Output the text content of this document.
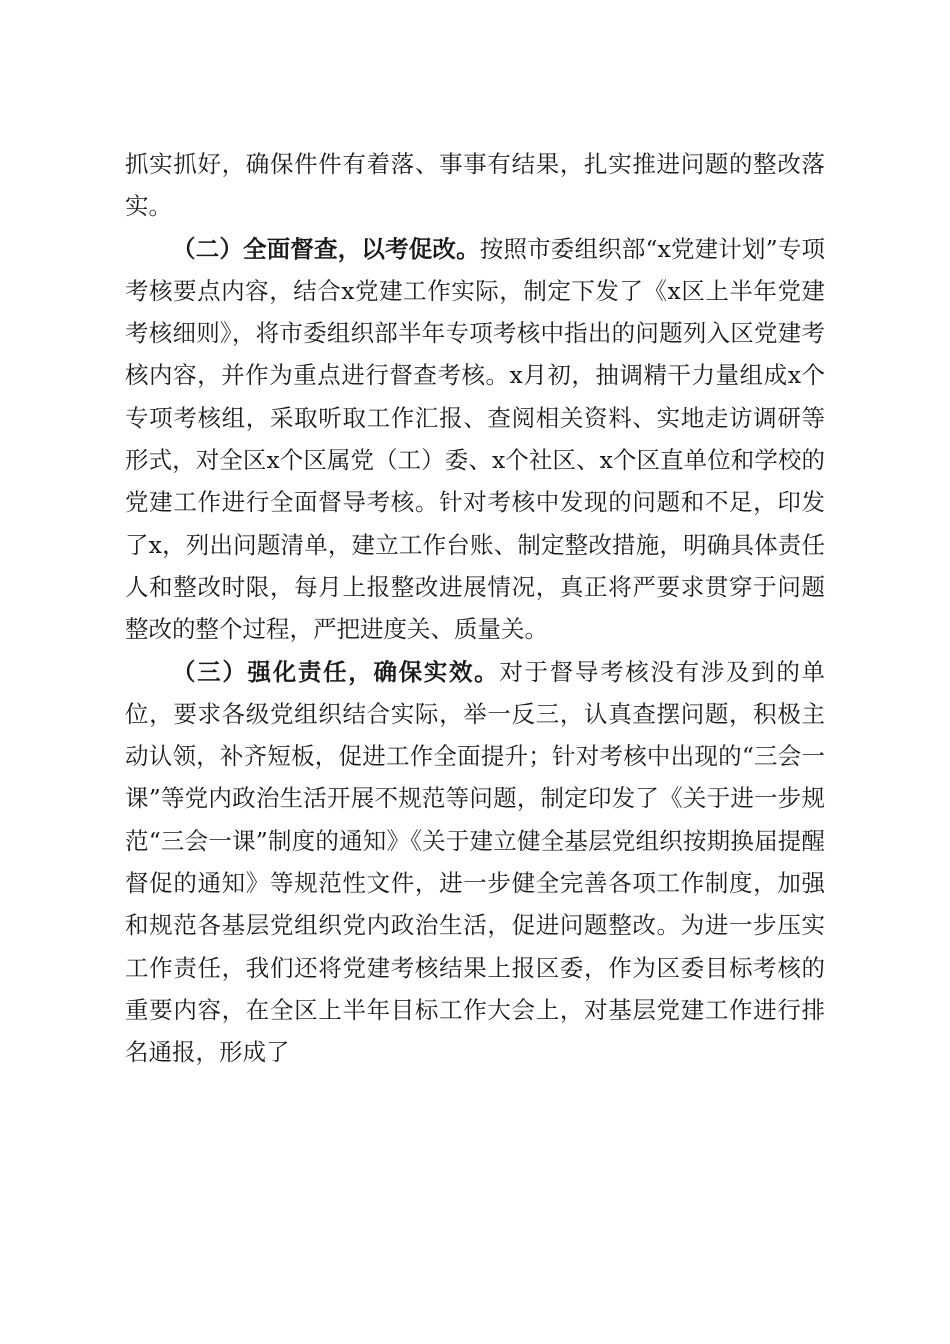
抓实抓好，确保件件有着落、事事有结果，扎实推进问题的整改落实。

（二）全面督查，以考促改。按照市委组织部“x党建计划”专项考核要点内容，结合x党建工作实际，制定下发了《x区上半年党建考核细则》，将市委组织部半年专项考核中指出的问题列入区党建考核内容，并作为重点进行督查考核。x月初，抽调精干力量组成x个专项考核组，采取听取工作汇报、查阅相关资料、实地走访调研等形式，对全区x个区属党（工）委、x个社区、x个区直单位和学校的党建工作进行全面督导考核。针对考核中发现的问题和不足，印发了x，列出问题清单，建立工作台账、制定整改措施，明确具体责任人和整改时限，每月上报整改进展情况，真正将严要求贯穿于问题整改的整个过程，严把进度关、质量关。

（三）强化责任，确保实效。对于督导考核没有涉及到的单位，要求各级党组织结合实际，举一反三，认真查摆问题，积极主动认领，补齐短板，促进工作全面提升；针对考核中出现的“三会一课”等党内政治生活开展不规范等问题，制定印发了《关于进一步规范“三会一课”制度的通知》《关于建立健全基层党组织按期换届提醒督促的通知》等规范性文件，进一步健全完善各项工作制度，加强和规范各基层党组织党内政治生活，促进问题整改。为进一步压实工作责任，我们还将党建考核结果上报区委，作为区委目标考核的重要内容，在全区上半年目标工作大会上，对基层党建工作进行排名通报，形成了
